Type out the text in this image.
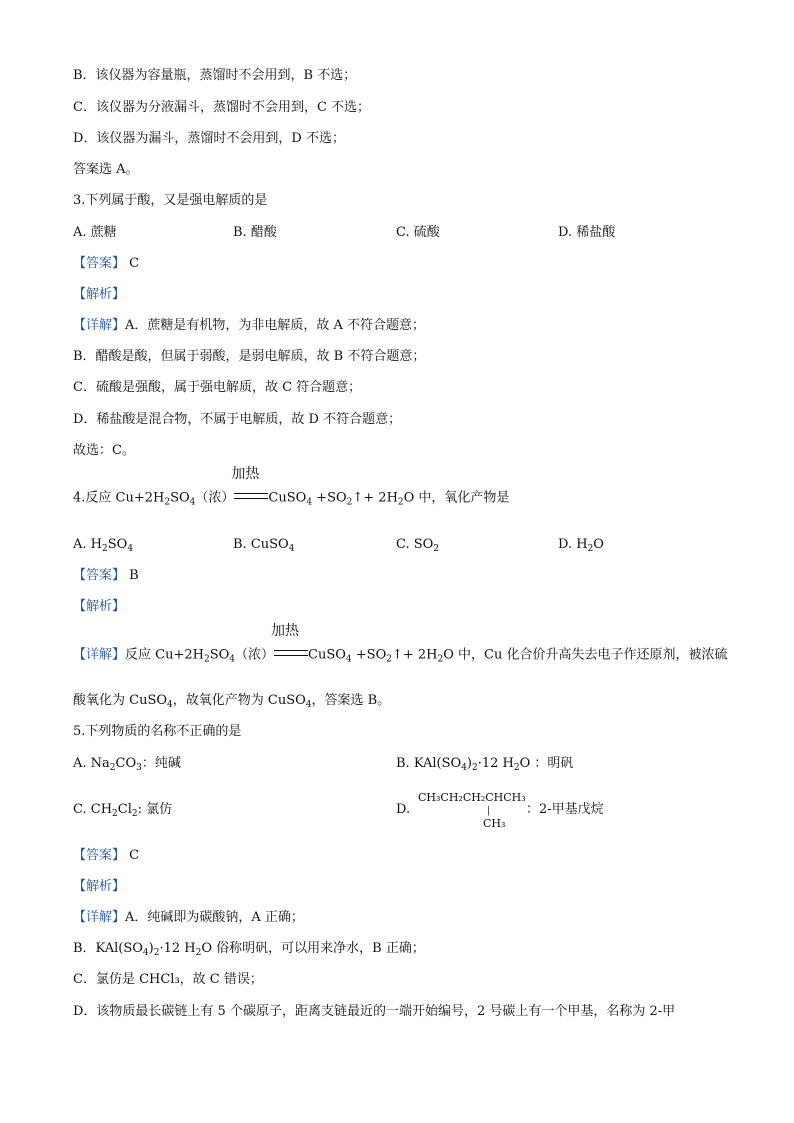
B．该仪器为容量瓶，蒸馏时不会用到，B 不选；
C．该仪器为分液漏斗，蒸馏时不会用到，C 不选；
D．该仪器为漏斗，蒸馏时不会用到，D 不选；
答案选 A。
3.下列属于酸，又是强电解质的是
A. 蔗糖	B. 醋酸	C. 硫酸	D. 稀盐酸
【答案】 C
【解析】
【详解】A．蔗糖是有机物，为非电解质，故 A 不符合题意；
B．醋酸是酸，但属于弱酸，是弱电解质，故 B 不符合题意；
C．硫酸是强酸，属于强电解质，故 C 符合题意；
D．稀盐酸是混合物，不属于电解质，故 D 不符合题意；
故选：C。
4.反应 $Cu+2H_2SO_4$（浓）
加热
CuSO$_4$ $+SO_2↑+ 2H_2O$ 中，氧化产物是
A. $H_2SO_4$	B. CuSO$_4$	C. $SO_2$	D. $H_2O$
【答案】 B
【解析】
【详解】反应 $Cu+2H_2SO_4$（浓）
加热
CuSO$_4$ $+SO_2↑+ 2H_2O$ 中，Cu 化合价升高失去电子作还原剂，被浓硫
酸氧化为 CuSO$_4$，故氧化产物为 CuSO$_4$，答案选 B。
5.下列物质的名称不正确的是
A. $Na_2CO_3$：纯碱	B. $KAl(SO_4)_2\cdot 12$ $H_2O$ ：明矾
C. $CH_2Cl_2$: 氯仿	D.
CH₃CH₂CH₂CHCH₃
|
CH₃
：2-甲基戊烷
【答案】 C
【解析】
【详解】A．纯碱即为碳酸钠，A 正确；
B．$KAl(SO_4)_2\cdot 12$ $H_2O$ 俗称明矾，可以用来净水，B 正确；
C．氯仿是 CHCl₃，故 C 错误；
D．该物质最长碳链上有 5 个碳原子，距离支链最近的一端开始编号，2 号碳上有一个甲基，名称为 2-甲
